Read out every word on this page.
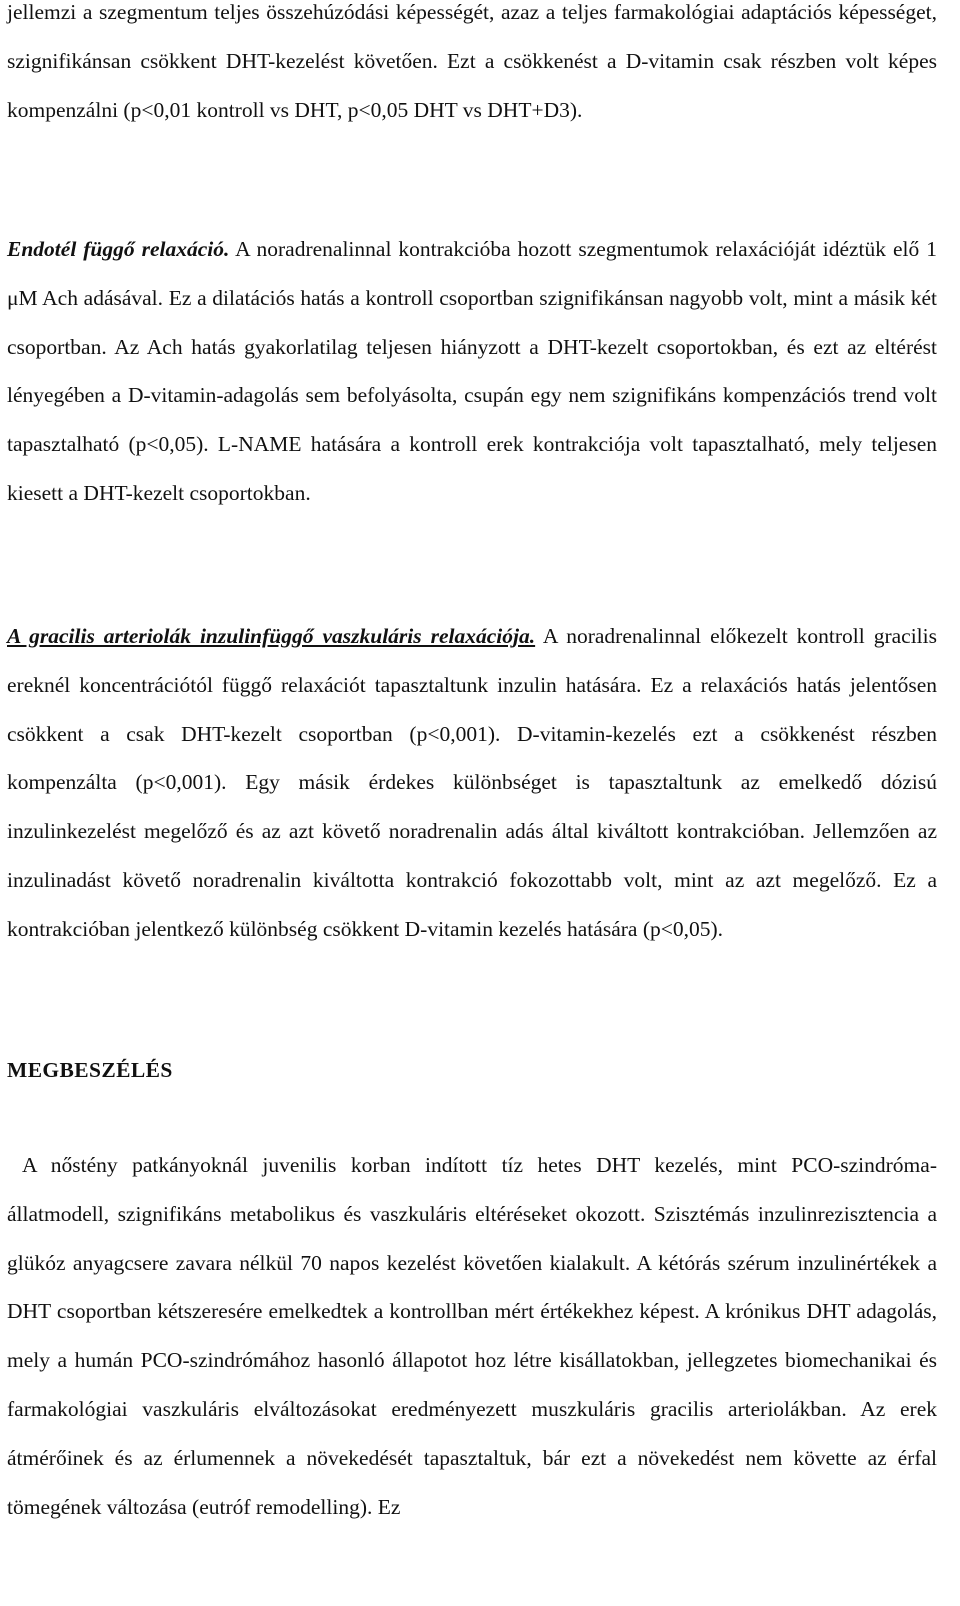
jellemzi a szegmentum teljes összehúzódási képességét, azaz a teljes farmakológiai adaptációs képességet, szignifikánsan csökkent DHT-kezelést követően. Ezt a csökkenést a D-vitamin csak részben volt képes kompenzálni (p<0,01 kontroll vs DHT, p<0,05 DHT vs DHT+D3).

Endotél függő relaxáció. A noradrenalinnal kontrakcióba hozott szegmentumok relaxációját idéztük elő 1 μM Ach adásával. Ez a dilatációs hatás a kontroll csoportban szignifikánsan nagyobb volt, mint a másik két csoportban. Az Ach hatás gyakorlatilag teljesen hiányzott a DHT-kezelt csoportokban, és ezt az eltérést lényegében a D-vitamin-adagolás sem befolyásolta, csupán egy nem szignifikáns kompenzációs trend volt tapasztalható (p<0,05). L-NAME hatására a kontroll erek kontrakciója volt tapasztalható, mely teljesen kiesett a DHT-kezelt csoportokban.

A gracilis arteriolák inzulinfüggő vaszkuláris relaxációja. A noradrenalinnal előkezelt kontroll gracilis ereknél koncentrációtól függő relaxációt tapasztaltunk inzulin hatására. Ez a relaxációs hatás jelentősen csökkent a csak DHT-kezelt csoportban (p<0,001). D-vitamin-kezelés ezt a csökkenést részben kompenzálta (p<0,001). Egy másik érdekes különbséget is tapasztaltunk az emelkedő dózisú inzulinkezelést megelőző és az azt követő noradrenalin adás által kiváltott kontrakcióban. Jellemzően az inzulinadást követő noradrenalin kiváltotta kontrakció fokozottabb volt, mint az azt megelőző. Ez a kontrakcióban jelentkező különbség csökkent D-vitamin kezelés hatására (p<0,05).

MEGBESZÉLÉS

A nőstény patkányoknál juvenilis korban indított tíz hetes DHT kezelés, mint PCO-szindróma-állatmodell, szignifikáns metabolikus és vaszkuláris eltéréseket okozott. Szisztémás inzulinrezisztencia a glükóz anyagcsere zavara nélkül 70 napos kezelést követően kialakult. A kétórás szérum inzulinértékek a DHT csoportban kétszeresére emelkedtek a kontrollban mért értékekhez képest. A krónikus DHT adagolás, mely a humán PCO-szindrómához hasonló állapotot hoz létre kisállatokban, jellegzetes biomechanikai és farmakológiai vaszkuláris elváltozásokat eredményezett muszkuláris gracilis arteriolákban. Az erek átmérőinek és az érlumennek a növekedését tapasztaltuk, bár ezt a növekedést nem követte az érfal tömegének változása (eutróf remodelling). Ez
